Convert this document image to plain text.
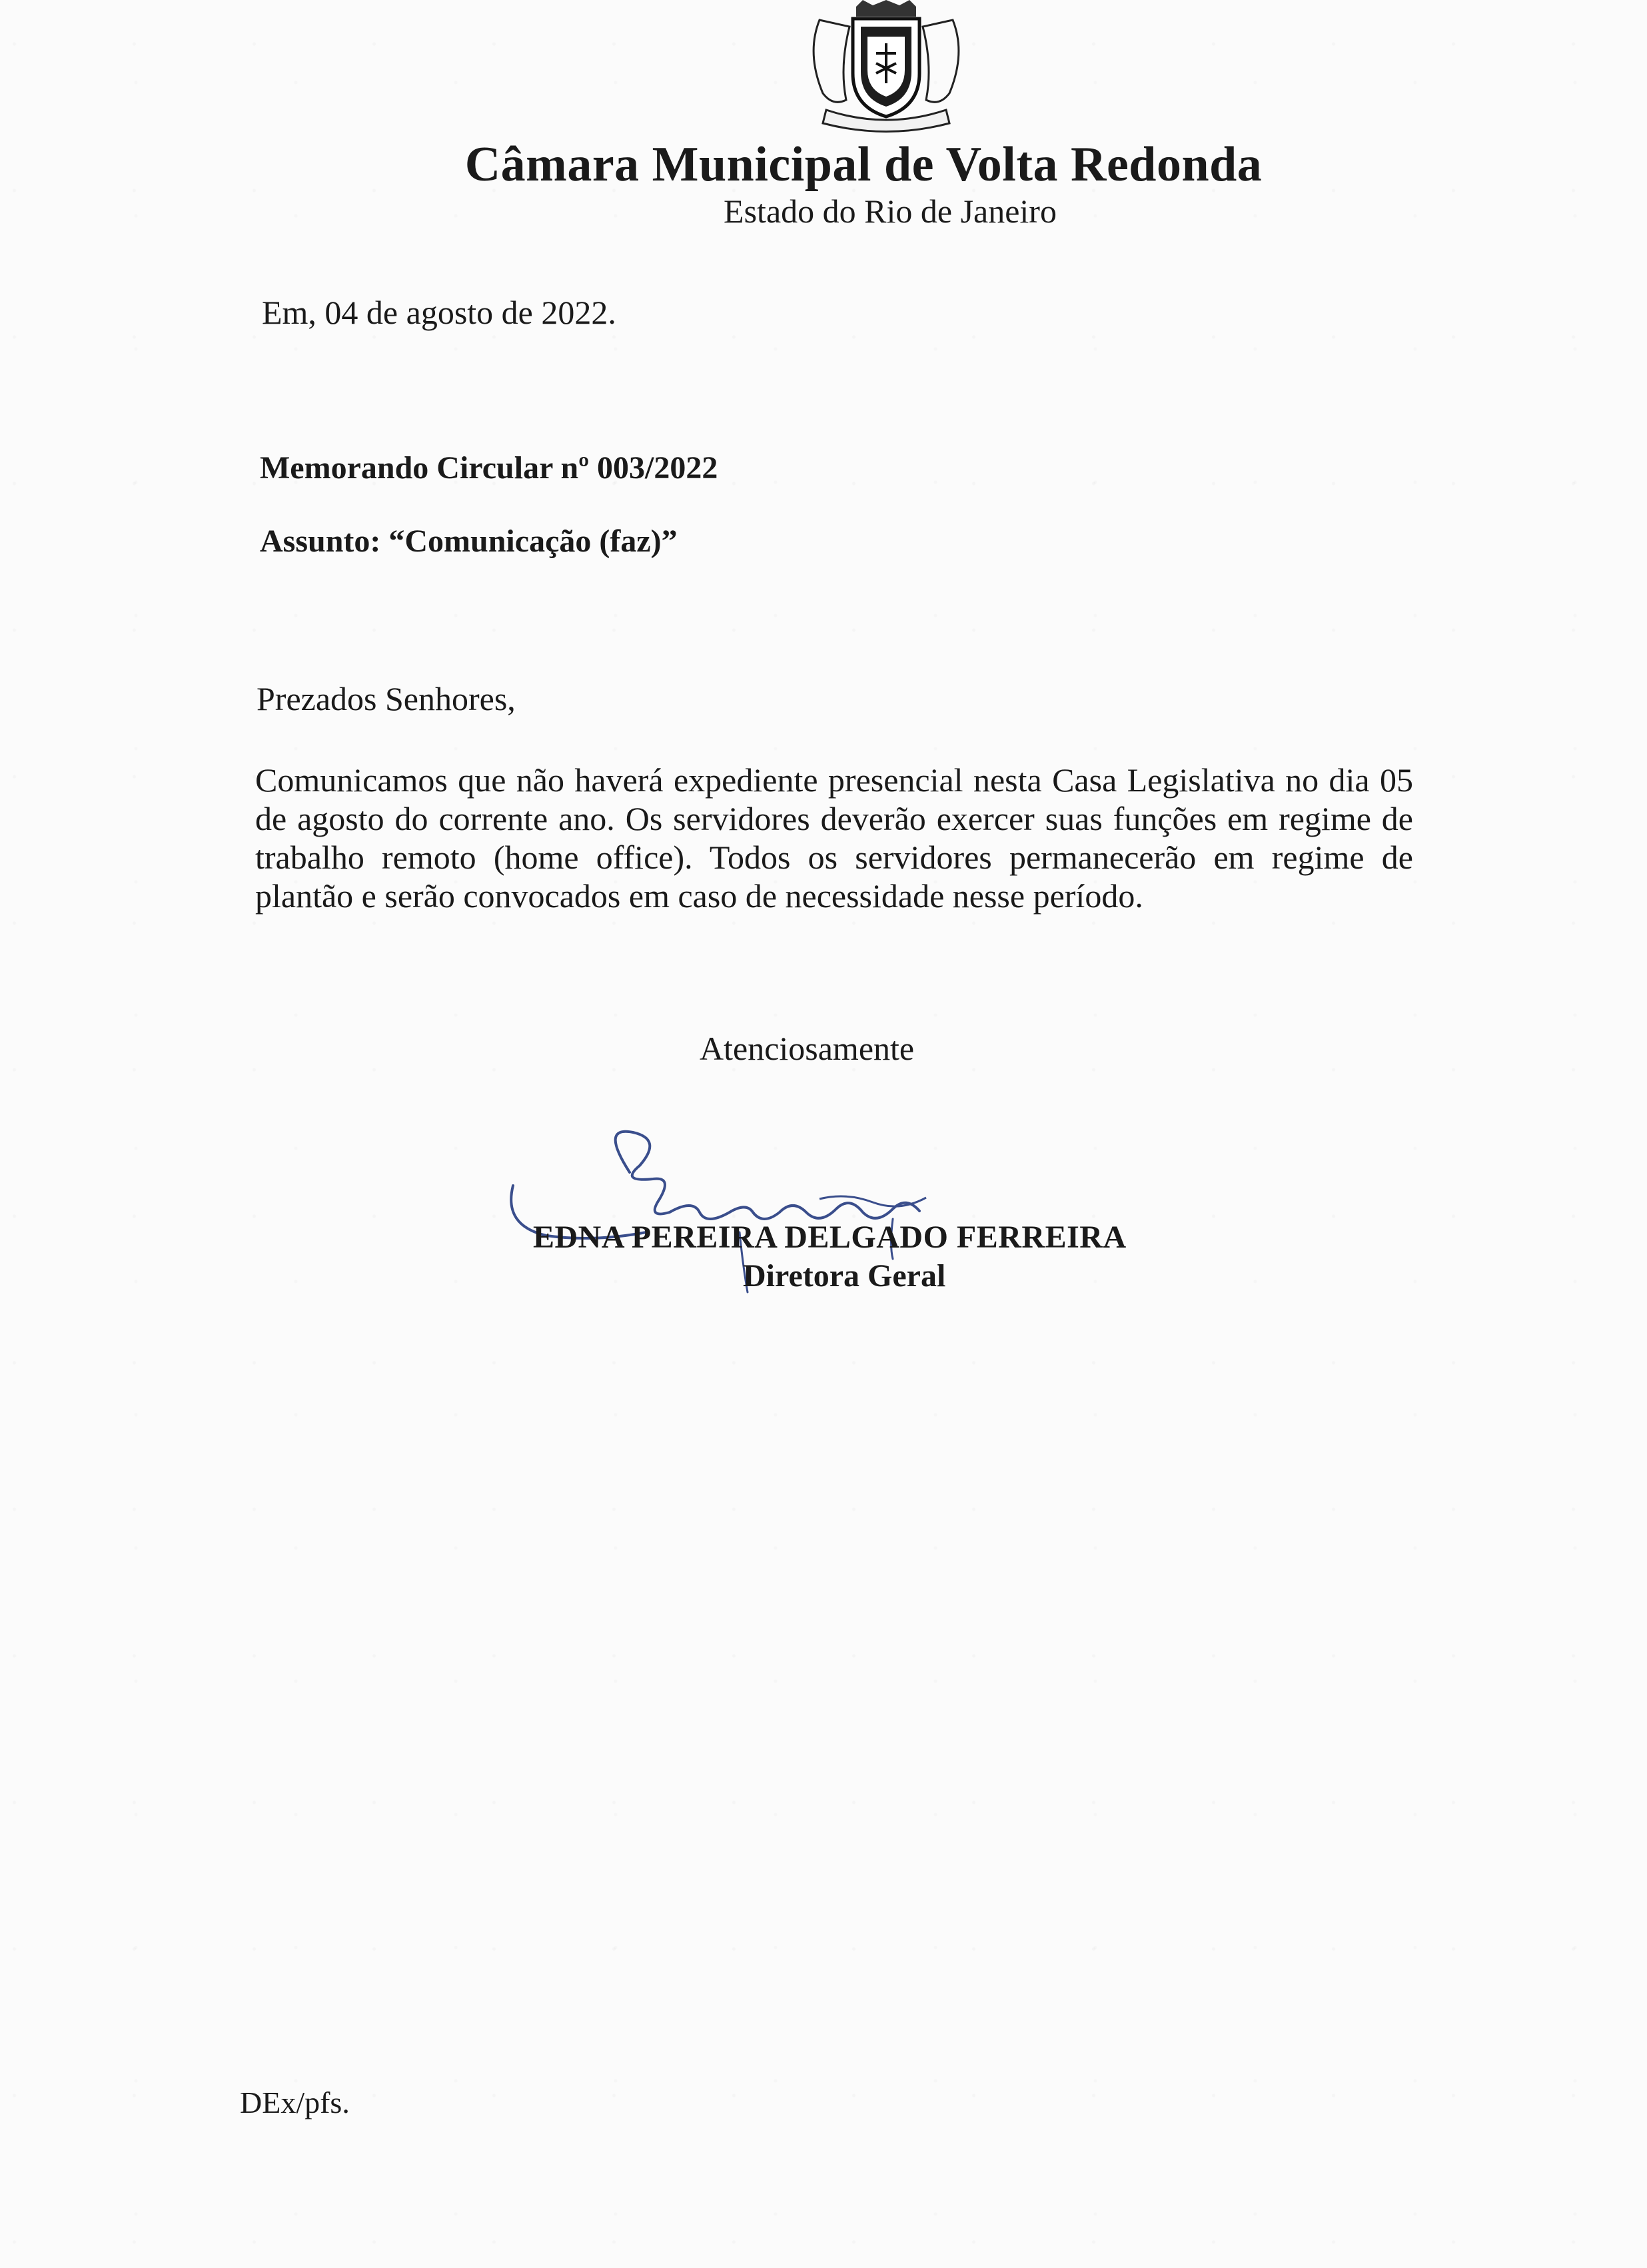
Câmara Municipal de Volta Redonda
Estado do Rio de Janeiro
Em, 04 de agosto de 2022.
Memorando Circular nº 003/2022
Assunto: “Comunicação (faz)”
Prezados Senhores,

Comunicamos que não haverá expediente presencial nesta Casa Legislativa no dia 05 de agosto do corrente ano. Os servidores deverão exercer suas funções em regime de trabalho remoto (home office). Todos os servidores permanecerão em regime de plantão e serão convocados em caso de necessidade nesse período.

Atenciosamente
EDNA PEREIRA DELGADO FERREIRA
Diretora Geral
DEx/pfs.
